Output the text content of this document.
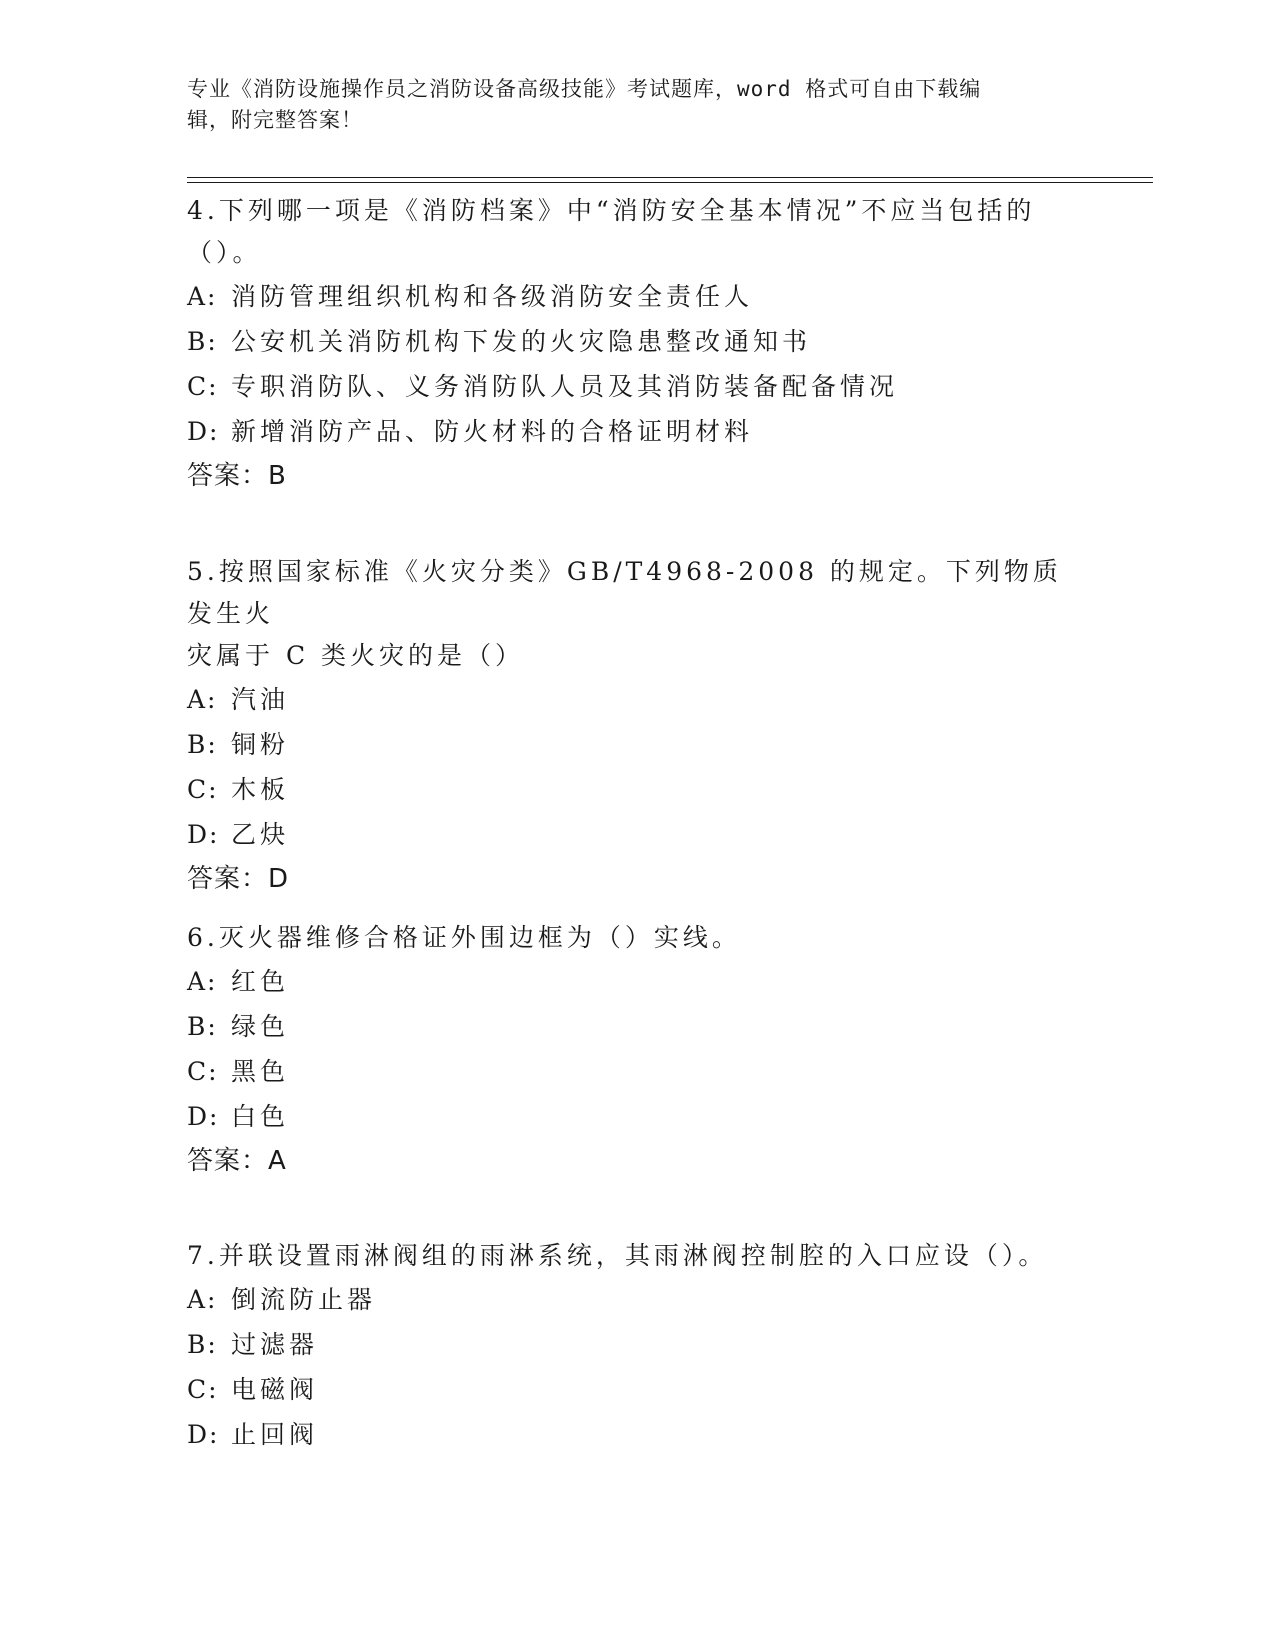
专业《消防设施操作员之消防设备高级技能》考试题库，word 格式可自由下载编
辑，附完整答案！

4.下列哪一项是《消防档案》中“消防安全基本情况”不应当包括的

（）。

A: 消防管理组织机构和各级消防安全责任人

B: 公安机关消防机构下发的火灾隐患整改通知书

C: 专职消防队、义务消防队人员及其消防装备配备情况

D: 新增消防产品、防火材料的合格证明材料

答案：B

5.按照国家标准《火灾分类》GB/T4968-2008 的规定。下列物质发生火

灾属于 C 类火灾的是（）

A: 汽油

B: 铜粉

C: 木板

D: 乙炔

答案：D

6.灭火器维修合格证外围边框为（）实线。

A: 红色

B: 绿色

C: 黑色

D: 白色

答案：A

7.并联设置雨淋阀组的雨淋系统，其雨淋阀控制腔的入口应设（）。

A: 倒流防止器

B: 过滤器

C: 电磁阀

D: 止回阀
